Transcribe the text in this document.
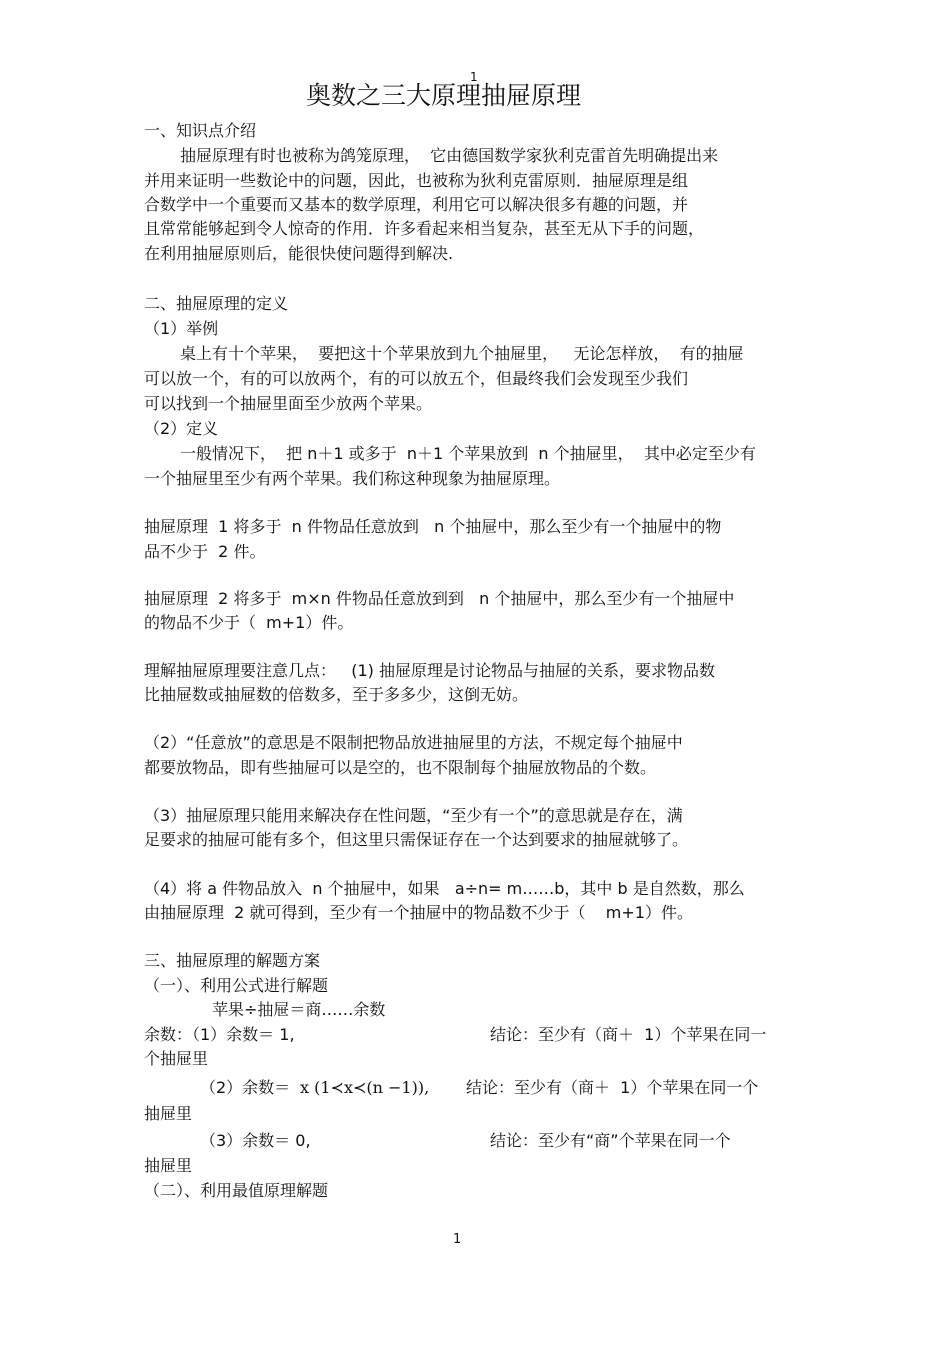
1
奥数之三大原理抽屉原理

一、知识点介绍

抽屉原理有时也被称为鸽笼原理，  它由德国数学家狄利克雷首先明确提出来

并用来证明一些数论中的问题，因此，也被称为狄利克雷原则．抽屉原理是组

合数学中一个重要而又基本的数学原理，利用它可以解决很多有趣的问题，并

且常常能够起到令人惊奇的作用．许多看起来相当复杂，甚至无从下手的问题，

在利用抽屉原则后，能很快使问题得到解决.

二、抽屉原理的定义

（1）举例

桌上有十个苹果，  要把这十个苹果放到九个抽屉里，   无论怎样放，  有的抽屉

可以放一个，有的可以放两个，有的可以放五个，但最终我们会发现至少我们

可以找到一个抽屉里面至少放两个苹果。

（2）定义

一般情况下，  把 n＋1 或多于  n＋1 个苹果放到  n 个抽屉里，  其中必定至少有

一个抽屉里至少有两个苹果。我们称这种现象为抽屉原理。

抽屉原理  1 将多于  n 件物品任意放到   n 个抽屉中，那么至少有一个抽屉中的物

品不少于  2 件。

抽屉原理  2 将多于  m×n 件物品任意放到到   n 个抽屉中，那么至少有一个抽屉中

的物品不少于（  m+1）件。

理解抽屉原理要注意几点：   (1) 抽屉原理是讨论物品与抽屉的关系，要求物品数

比抽屉数或抽屉数的倍数多，至于多多少，这倒无妨。

（2）“任意放”的意思是不限制把物品放进抽屉里的方法，不规定每个抽屉中

都要放物品，即有些抽屉可以是空的，也不限制每个抽屉放物品的个数。

（3）抽屉原理只能用来解决存在性问题，“至少有一个”的意思就是存在，满

足要求的抽屉可能有多个，但这里只需保证存在一个达到要求的抽屉就够了。

（4）将 a 件物品放入  n 个抽屉中，如果   a÷n= m……b，其中 b 是自然数，那么

由抽屉原理  2 就可得到，至少有一个抽屉中的物品数不少于（    m+1）件。

三、抽屉原理的解题方案

（一）、利用公式进行解题

苹果÷抽屉＝商……余数

余数：（1）余数＝ 1,	结论：至少有（商＋  1）个苹果在同一

个抽屉里

（2）余数＝ x (1≺x≺(n −1)), 结论：至少有（商＋  1）个苹果在同一个

抽屉里

（3）余数＝ 0,	结论：至少有“商”个苹果在同一个

抽屉里

（二）、利用最值原理解题

1
